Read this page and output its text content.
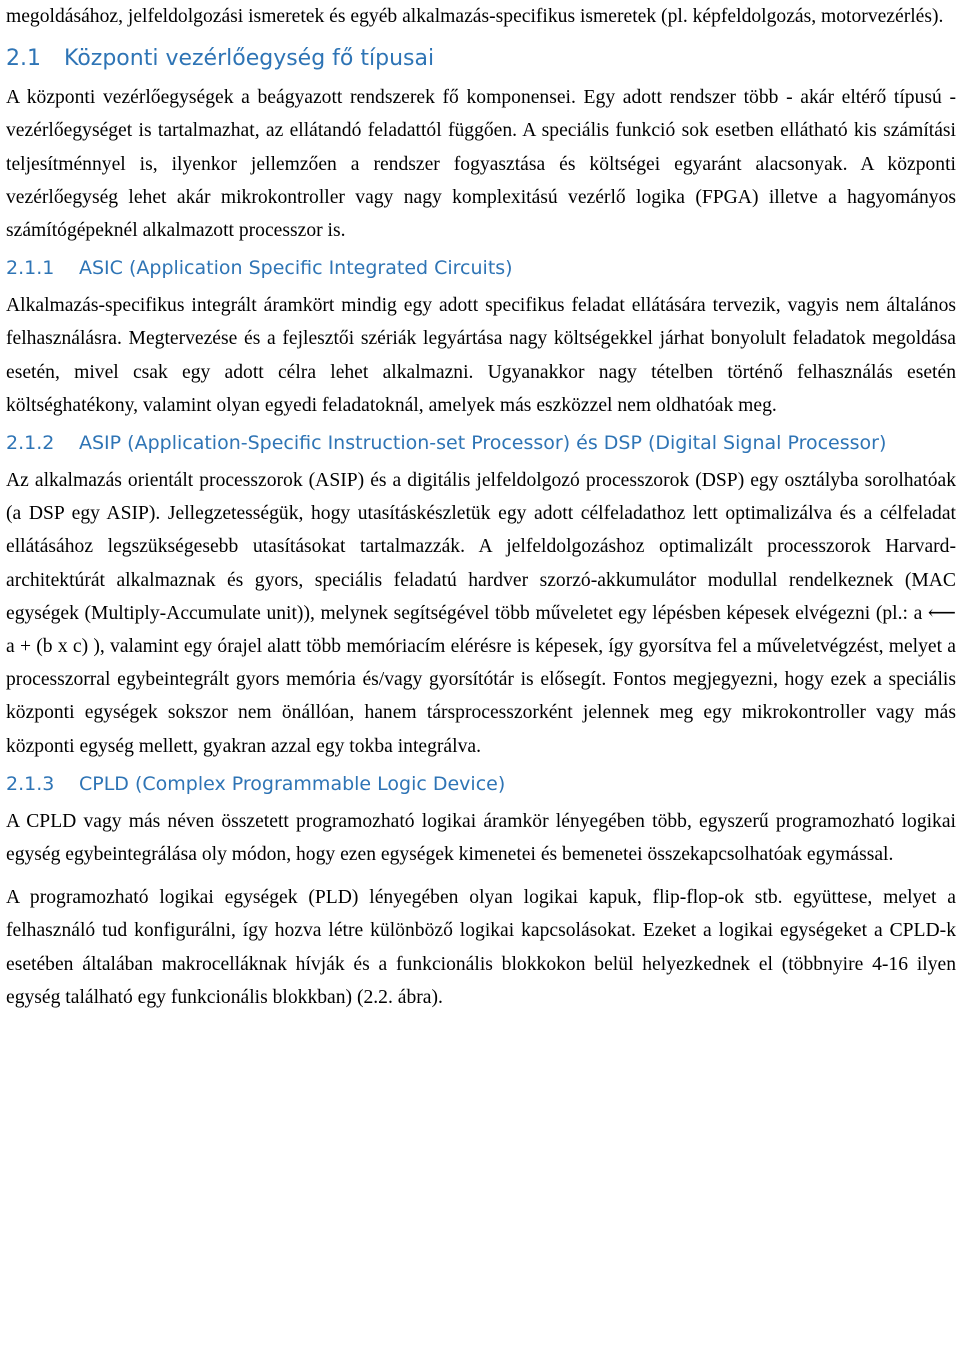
megoldásához, jelfeldolgozási ismeretek és egyéb alkalmazás-specifikus ismeretek (pl. képfeldolgozás, motorvezérlés).

2.1 Központi vezérlőegység fő típusai

A központi vezérlőegységek a beágyazott rendszerek fő komponensei. Egy adott rendszer több - akár eltérő típusú - vezérlőegységet is tartalmazhat, az ellátandó feladattól függően. A speciális funkció sok esetben ellátható kis számítási teljesítménnyel is, ilyenkor jellemzően a rendszer fogyasztása és költségei egyaránt alacsonyak. A központi vezérlőegység lehet akár mikrokontroller vagy nagy komplexitású vezérlő logika (FPGA) illetve a hagyományos számítógépeknél alkalmazott processzor is.

2.1.1	ASIC (Application Specific Integrated Circuits)

Alkalmazás-specifikus integrált áramkört mindig egy adott specifikus feladat ellátására tervezik, vagyis nem általános felhasználásra. Megtervezése és a fejlesztői szériák legyártása nagy költségekkel járhat bonyolult feladatok megoldása esetén, mivel csak egy adott célra lehet alkalmazni. Ugyanakkor nagy tételben történő felhasználás esetén költséghatékony, valamint olyan egyedi feladatoknál, amelyek más eszközzel nem oldhatóak meg.

2.1.2	ASIP (Application-Specific Instruction-set Processor) és DSP (Digital Signal Processor)

Az alkalmazás orientált processzorok (ASIP) és a digitális jelfeldolgozó processzorok (DSP) egy osztályba sorolhatóak (a DSP egy ASIP). Jellegzetességük, hogy utasításkészletük egy adott célfeladathoz lett optimalizálva és a célfeladat ellátásához legszükségesebb utasításokat tartalmazzák. A jelfeldolgozáshoz optimalizált processzorok Harvard-architektúrát alkalmaznak és gyors, speciális feladatú hardver szorzó-akkumulátor modullal rendelkeznek (MAC egységek (Multiply-Accumulate unit)), melynek segítségével több műveletet egy lépésben képesek elvégezni (pl.: a ⟵ a + (b x c) ), valamint egy órajel alatt több memóriacím elérésre is képesek, így gyorsítva fel a műveletvégzést, melyet a processzorral egybeintegrált gyors memória és/vagy gyorsítótár is elősegít. Fontos megjegyezni, hogy ezek a speciális központi egységek sokszor nem önállóan, hanem társprocesszorként jelennek meg egy mikrokontroller vagy más központi egység mellett, gyakran azzal egy tokba integrálva.

2.1.3	CPLD (Complex Programmable Logic Device)

A CPLD vagy más néven összetett programozható logikai áramkör lényegében több, egyszerű programozható logikai egység egybeintegrálása oly módon, hogy ezen egységek kimenetei és bemenetei összekapcsolhatóak egymással.

A programozható logikai egységek (PLD) lényegében olyan logikai kapuk, flip-flop-ok stb. együttese, melyet a felhasználó tud konfigurálni, így hozva létre különböző logikai kapcsolásokat. Ezeket a logikai egységeket a CPLD-k esetében általában makrocelláknak hívják és a funkcionális blokkokon belül helyezkednek el (többnyire 4-16 ilyen egység található egy funkcionális blokkban) (2.2. ábra).
